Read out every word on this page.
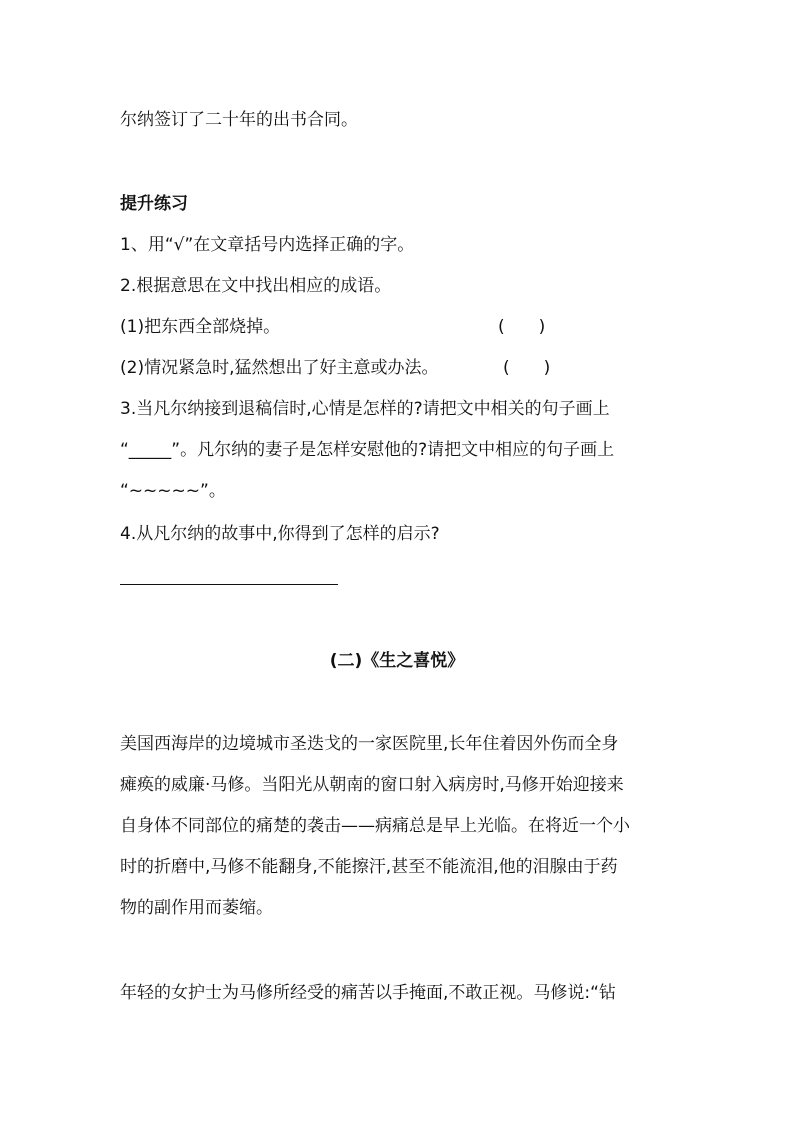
尔纳签订了二十年的出书合同。
提升练习
1、用“√”在文章括号内选择正确的字。
2.根据意思在文中找出相应的成语。
(1)把东西全部烧掉。	(　　)
(2)情况紧急时,猛然想出了好主意或办法。	(　　)
3.当凡尔纳接到退稿信时,心情是怎样的?请把文中相关的句子画上
“_____”。凡尔纳的妻子是怎样安慰他的?请把文中相应的句子画上
“~~~~~”。
4.从凡尔纳的故事中,你得到了怎样的启示?
(二)《生之喜悦》
美国西海岸的边境城市圣迭戈的一家医院里,长年住着因外伤而全身
瘫痪的威廉·马修。当阳光从朝南的窗口射入病房时,马修开始迎接来
自身体不同部位的痛楚的袭击——病痛总是早上光临。在将近一个小
时的折磨中,马修不能翻身,不能擦汗,甚至不能流泪,他的泪腺由于药
物的副作用而萎缩。
年轻的女护士为马修所经受的痛苦以手掩面,不敢正视。马修说:“钻
